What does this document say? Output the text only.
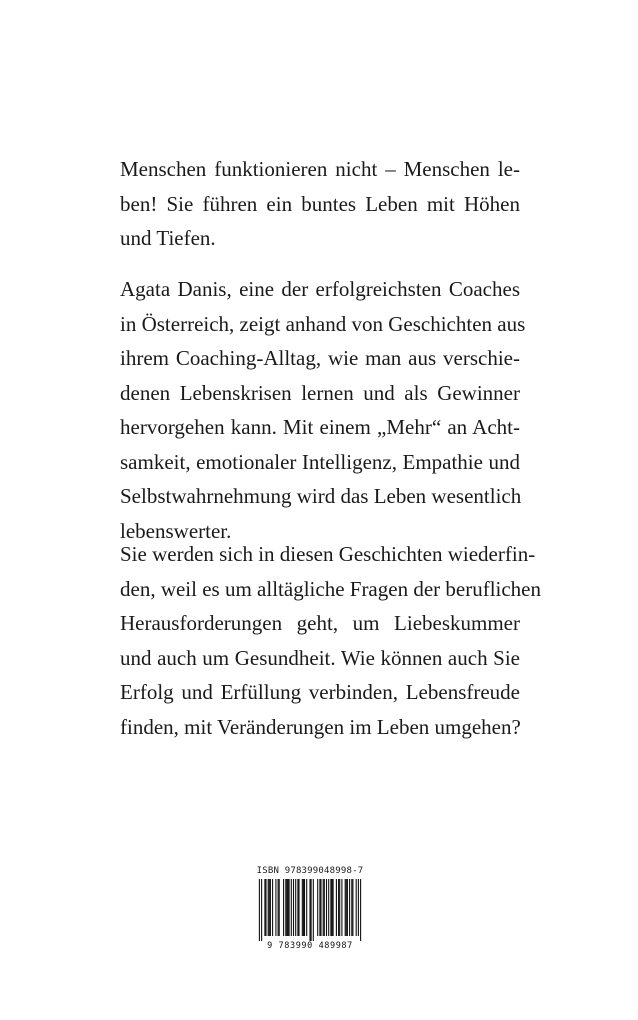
Menschen funktionieren nicht – Menschen le-
ben! Sie führen ein buntes Leben mit Höhen
und Tiefen.
Agata Danis, eine der erfolgreichsten Coaches
in Österreich, zeigt anhand von Geschichten aus
ihrem Coaching-Alltag, wie man aus verschie-
denen Lebenskrisen lernen und als Gewinner
hervorgehen kann. Mit einem „Mehr“ an Acht-
samkeit, emotionaler Intelligenz, Empathie und
Selbstwahrnehmung wird das Leben wesentlich
lebenswerter.
Sie werden sich in diesen Geschichten wiederfin-
den, weil es um alltägliche Fragen der beruflichen
Herausforderungen geht, um Liebeskummer
und auch um Gesundheit. Wie können auch Sie
Erfolg und Erfüllung verbinden, Lebensfreude
finden, mit Veränderungen im Leben umgehen?
ISBN 978399048998-7
9 783990 489987
